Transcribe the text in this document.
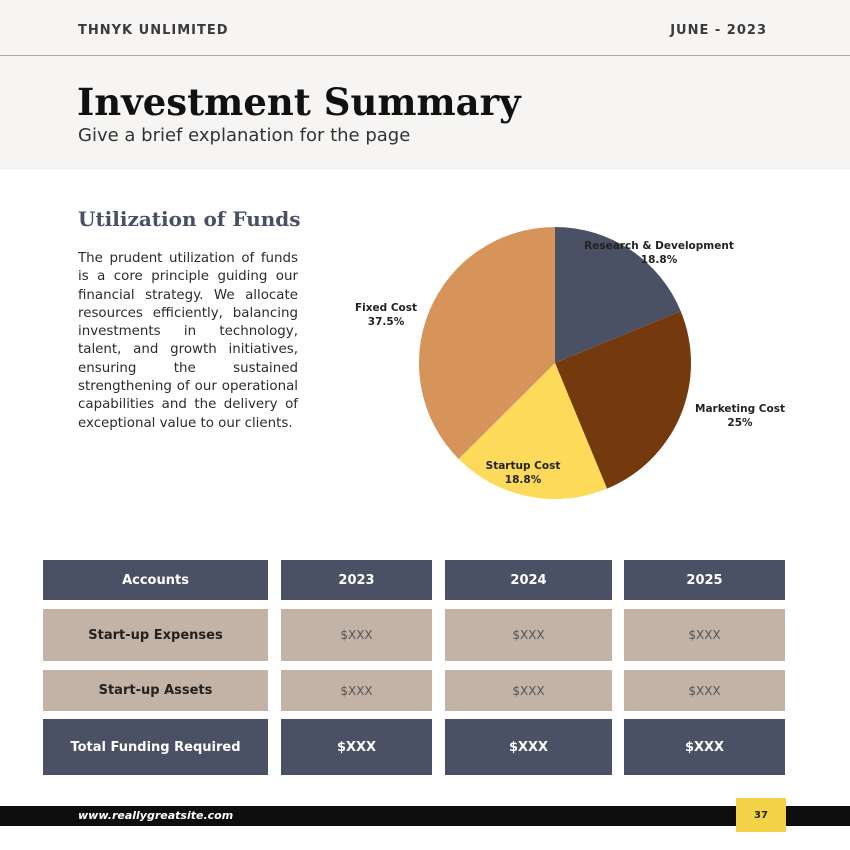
THNYK UNLIMITED	JUNE - 2023
Investment Summary
Give a brief explanation for the page
Utilization of Funds
The prudent utilization of funds is a core principle guiding our financial strategy. We allocate resources efficiently, balancing investments in technology, talent, and growth initiatives, ensuring the sustained strengthening of our operational capabilities and the delivery of exceptional value to our clients.
Research & Development
18.8%
Marketing Cost
25%
Startup Cost
18.8%
Fixed Cost
37.5%
Accounts	2023	2024	2025
Start-up Expenses	$XXX	$XXX	$XXX
Start-up Assets	$XXX	$XXX	$XXX
Total Funding Required	$XXX	$XXX	$XXX
www.reallygreatsite.com	37
